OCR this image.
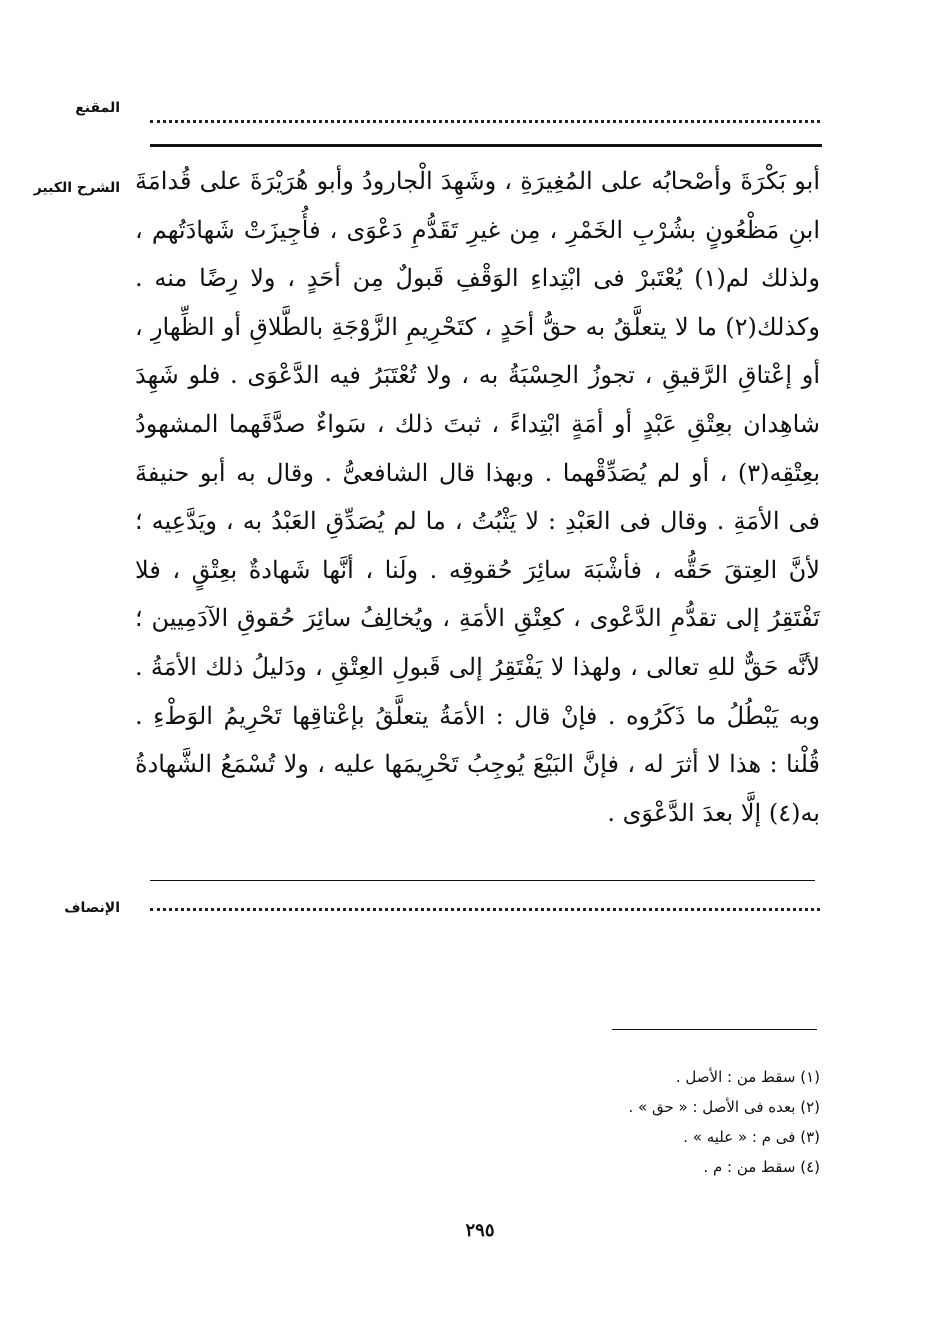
المقنع
الشرح الكبير أبو بَكْرَةَ وأصْحابُه على المُغِيرَةِ ، وشَهِدَ الْجارودُ وأبو هُرَيْرَةَ على قُدامَةَ ابنِ مَظْعُونٍ بشُرْبِ الخَمْرِ ، مِن غيرِ تَقَدُّمِ دَعْوَى ، فأُجِيزَتْ شَهادَتُهم ، ولذلك لم(١) يُعْتَبرْ فى ابْتِداءِ الوَقْفِ قَبولٌ مِن أحَدٍ ، ولا رِضًا منه . وكذلك(٢) ما لا يتعلَّقُ به حقُّ أحَدٍ ، كتَحْرِيمِ الزَّوْجَةِ بالطَّلاقِ أو الظِّهارِ ، أو إعْتاقِ الرَّقيقِ ، تجوزُ الحِسْبَةُ به ، ولا تُعْتَبَرُ فيه الدَّعْوَى . فلو شَهِدَ شاهِدان بعِتْقِ عَبْدٍ أو أمَةٍ ابْتِداءً ، ثبتَ ذلك ، سَواءٌ صدَّقَهما المشهودُ بعِتْقِه(٣) ، أو لم يُصَدِّقْهما . وبهذا قال الشافعىُّ . وقال به أبو حنيفةَ فى الأمَةِ . وقال فى العَبْدِ : لا يَثْبُتُ ، ما لم يُصَدِّقِ العَبْدُ به ، ويَدَّعِيه ؛ لأنَّ العِتقَ حَقُّه ، فأشْبَهَ سائِرَ حُقوقِه . ولَنا ، أنَّها شَهادةٌ بعِتْقٍ ، فلا تَفْتَقِرُ إلى تقدُّمِ الدَّعْوى ، كعِتْقِ الأمَةِ ، ويُخالِفُ سائِرَ حُقوقِ الآدَمِيين ؛ لأنَّه حَقٌّ للهِ تعالى ، ولهذا لا يَفْتَقِرُ إلى قَبولِ العِتْقِ ، ودَليلُ ذلك الأمَةُ . وبه يَبْطُلُ ما ذَكَرُوه . فإنْ قال : الأمَةُ يتعلَّقُ بإعْتاقِها تَحْرِيمُ الوَطْءِ . قُلْنا : هذا لا أثرَ له ، فإنَّ البَيْعَ يُوجِبُ تَحْرِيمَها عليه ، ولا تُسْمَعُ الشَّهادةُ به(٤) إلَّا بعدَ الدَّعْوَى .

الإنصاف
(١) سقط من : الأصل .
(٢) بعده فى الأصل : « حق » .
(٣) فى م : « عليه » .
(٤) سقط من : م .
٢٩٥
